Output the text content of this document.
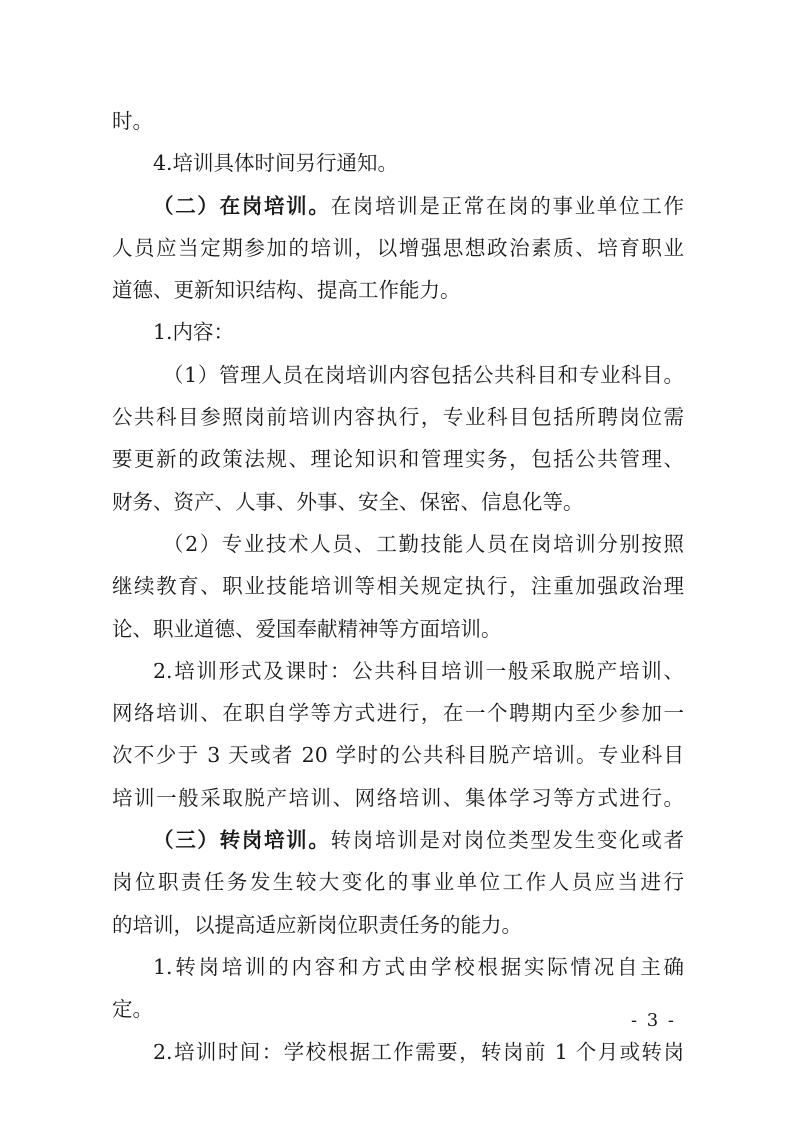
时。
4.培训具体时间另行通知。
（二）在岗培训。在岗培训是正常在岗的事业单位工作
人员应当定期参加的培训，以增强思想政治素质、培育职业
道德、更新知识结构、提高工作能力。
1.内容：
（1）管理人员在岗培训内容包括公共科目和专业科目。
公共科目参照岗前培训内容执行，专业科目包括所聘岗位需
要更新的政策法规、理论知识和管理实务，包括公共管理、
财务、资产、人事、外事、安全、保密、信息化等。
（2）专业技术人员、工勤技能人员在岗培训分别按照
继续教育、职业技能培训等相关规定执行，注重加强政治理
论、职业道德、爱国奉献精神等方面培训。
2.培训形式及课时：公共科目培训一般采取脱产培训、
网络培训、在职自学等方式进行，在一个聘期内至少参加一
次不少于 3 天或者 20 学时的公共科目脱产培训。专业科目
培训一般采取脱产培训、网络培训、集体学习等方式进行。
（三）转岗培训。转岗培训是对岗位类型发生变化或者
岗位职责任务发生较大变化的事业单位工作人员应当进行
的培训，以提高适应新岗位职责任务的能力。
1.转岗培训的内容和方式由学校根据实际情况自主确
定。
2.培训时间：学校根据工作需要，转岗前 1 个月或转岗
- 3 -
